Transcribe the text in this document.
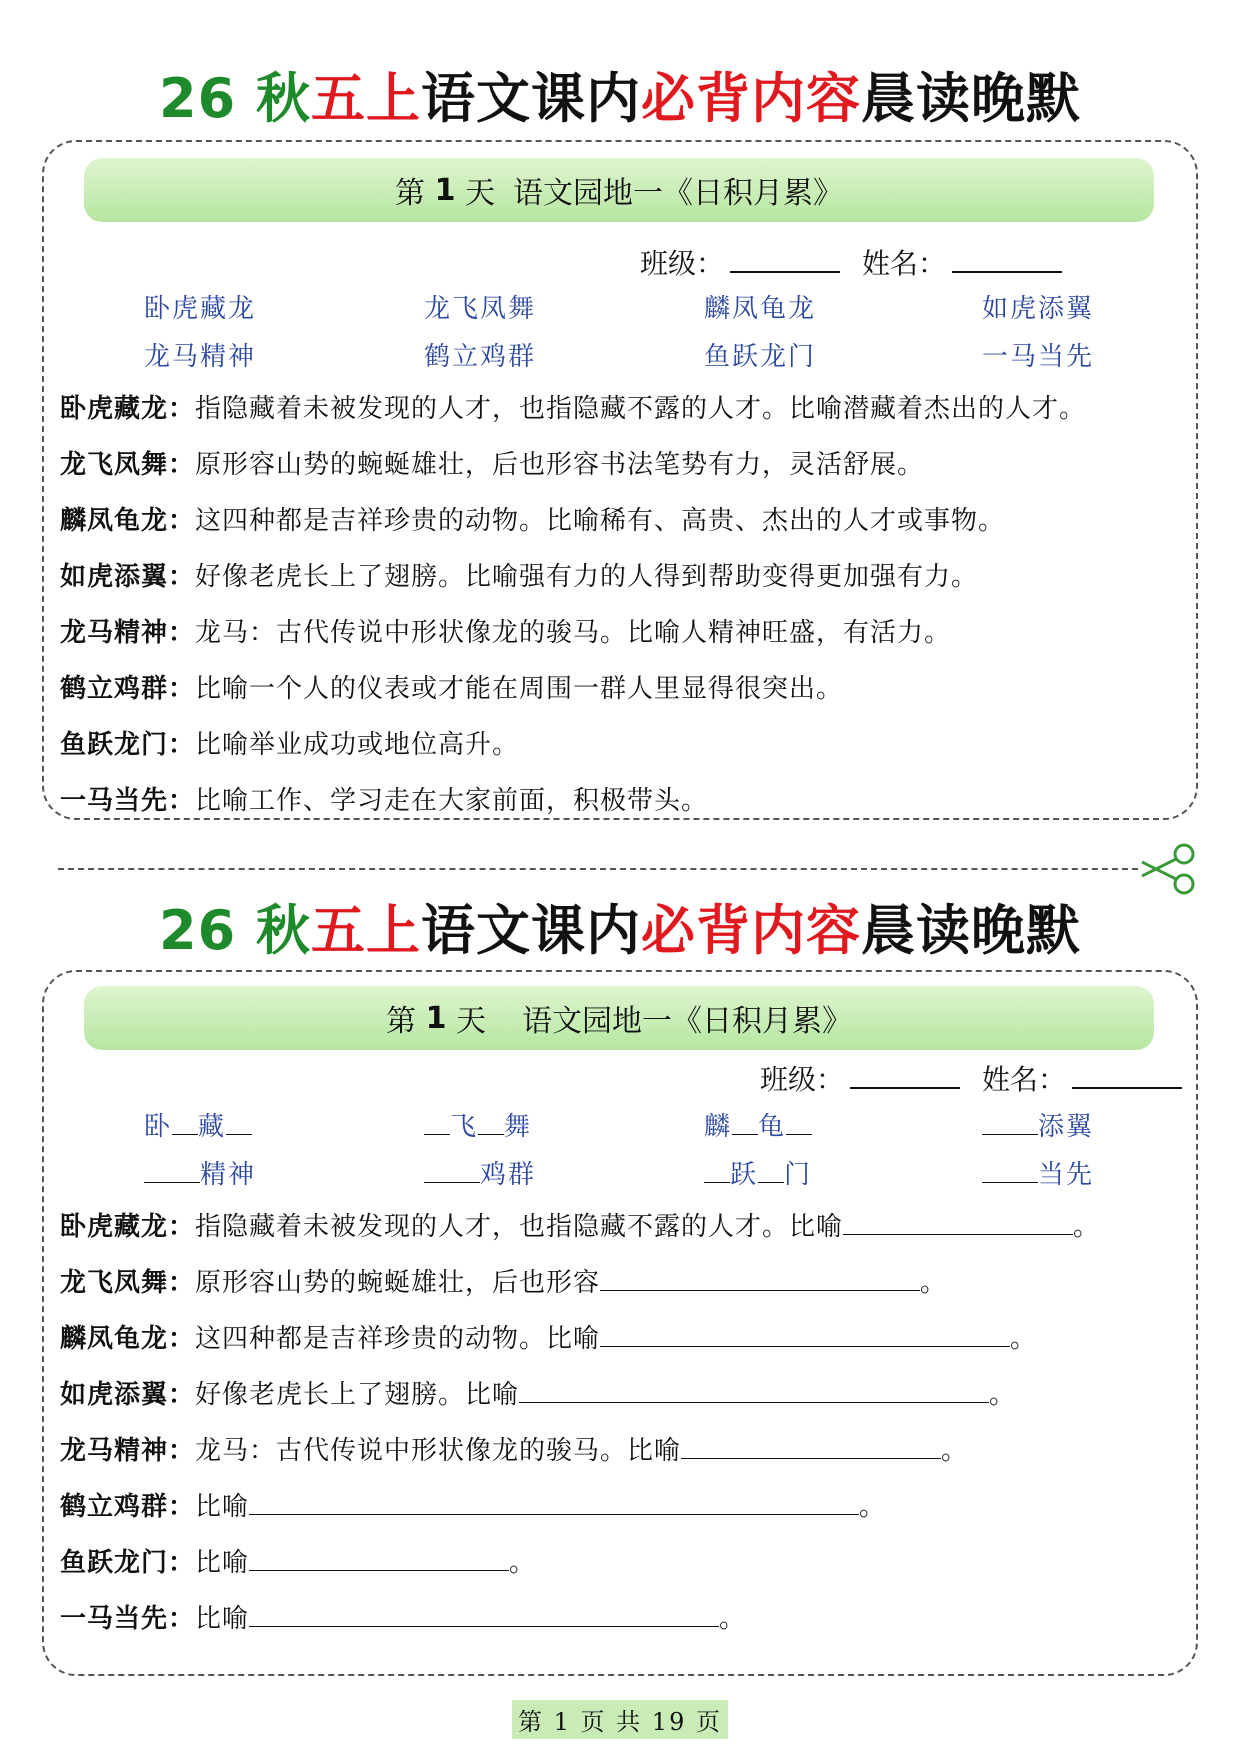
26 秋五上语文课内必背内容晨读晚默
第
1
天 语文园地一《日积月累》
班级：	姓名：
卧虎藏龙	龙飞凤舞	麟凤龟龙	如虎添翼
龙马精神	鹤立鸡群	鱼跃龙门	一马当先
卧虎藏龙：指隐藏着未被发现的人才，也指隐藏不露的人才。比喻潜藏着杰出的人才。
龙飞凤舞：原形容山势的蜿蜒雄壮，后也形容书法笔势有力，灵活舒展。
麟凤龟龙：这四种都是吉祥珍贵的动物。比喻稀有、高贵、杰出的人才或事物。
如虎添翼：好像老虎长上了翅膀。比喻强有力的人得到帮助变得更加强有力。
龙马精神：龙马：古代传说中形状像龙的骏马。比喻人精神旺盛，有活力。
鹤立鸡群：比喻一个人的仪表或才能在周围一群人里显得很突出。
鱼跃龙门：比喻举业成功或地位高升。
一马当先：比喻工作、学习走在大家前面，积极带头。
26 秋五上语文课内必背内容晨读晚默
第
1
天 语文园地一《日积月累》
班级：	姓名：
卧 藏	飞 舞	麟 龟	添翼
精神	鸡群	跃 门	当先
卧虎藏龙：指隐藏着未被发现的人才，也指隐藏不露的人才。比喻	。
龙飞凤舞：原形容山势的蜿蜒雄壮，后也形容	。
麟凤龟龙：这四种都是吉祥珍贵的动物。比喻	。
如虎添翼：好像老虎长上了翅膀。比喻	。
龙马精神：龙马：古代传说中形状像龙的骏马。比喻	。
鹤立鸡群：比喻	。
鱼跃龙门：比喻	。
一马当先：比喻	。
第 1 页 共 19 页
